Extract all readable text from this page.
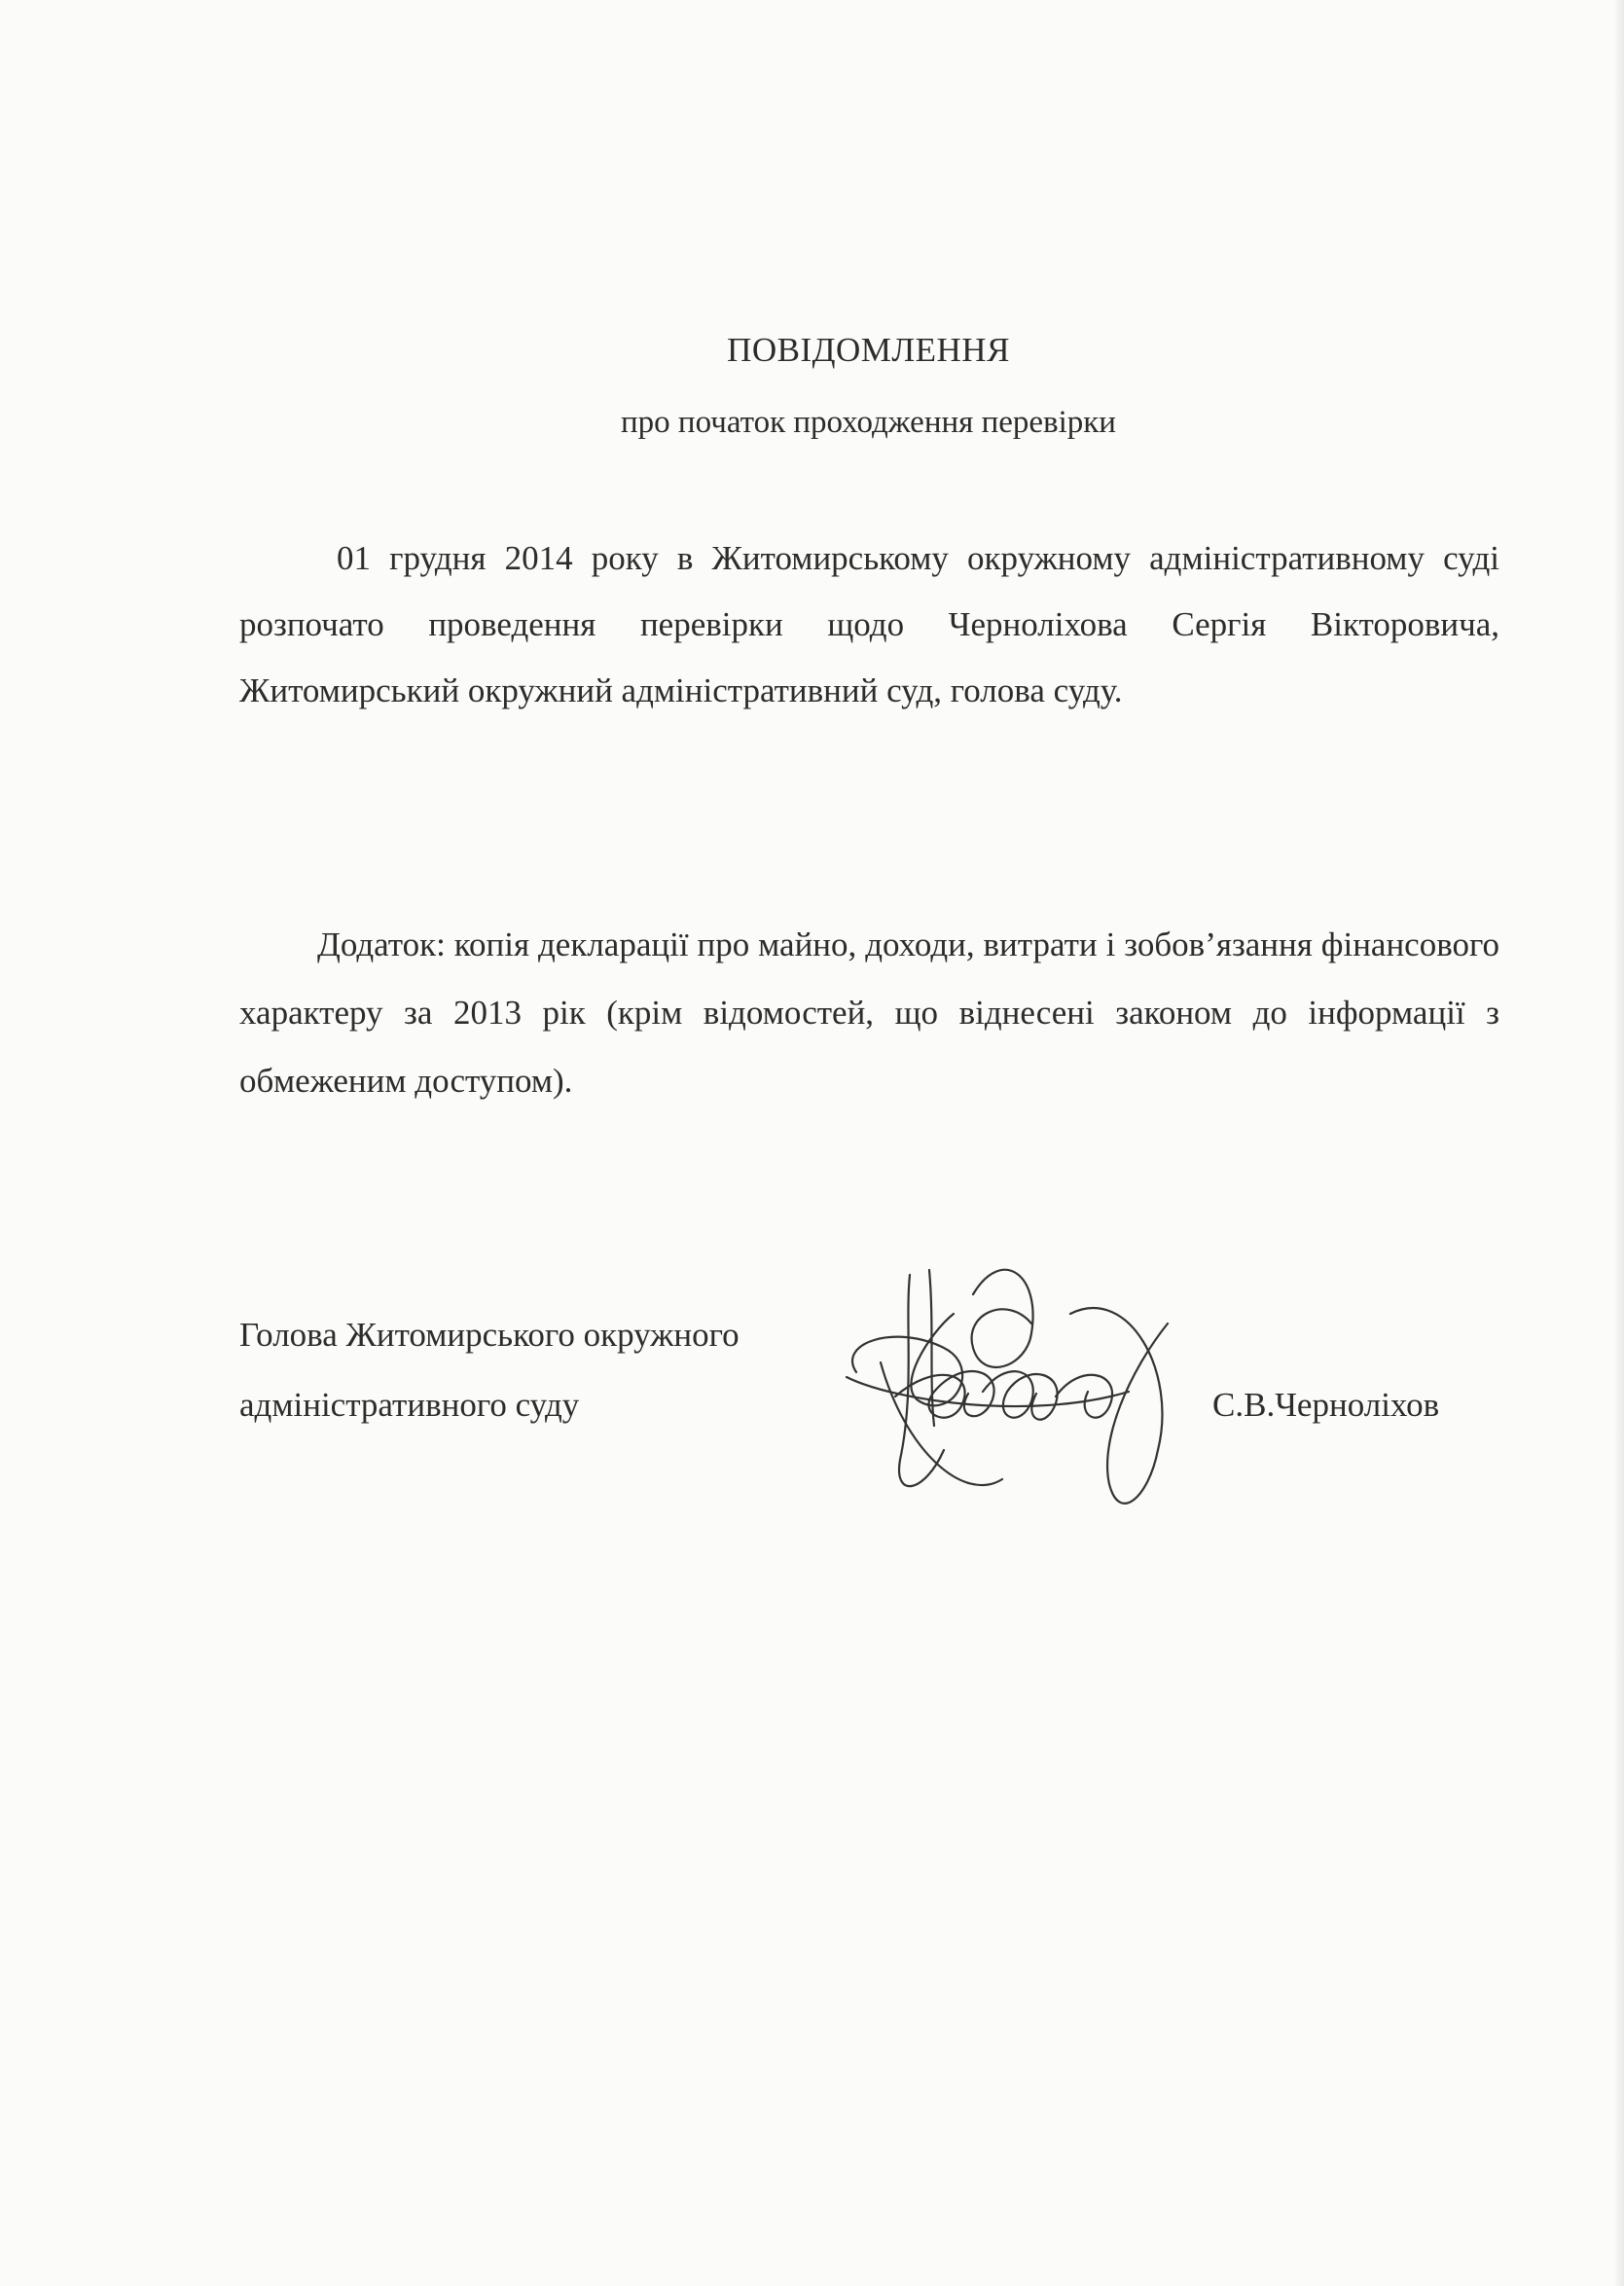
ПОВІДОМЛЕННЯ
про початок проходження перевірки
01 грудня 2014 року в Житомирському окружному адміністративному суді розпочато проведення перевірки щодо Черноліхова Сергія Вікторовича, Житомирський окружний адміністративний суд, голова суду.
Додаток: копія декларації про майно, доходи, витрати і зобов’язання фінансового характеру за 2013 рік (крім відомостей, що віднесені законом до інформації з обмеженим доступом).
Голова Житомирського окружного
адміністративного суду	С.В.Черноліхов
